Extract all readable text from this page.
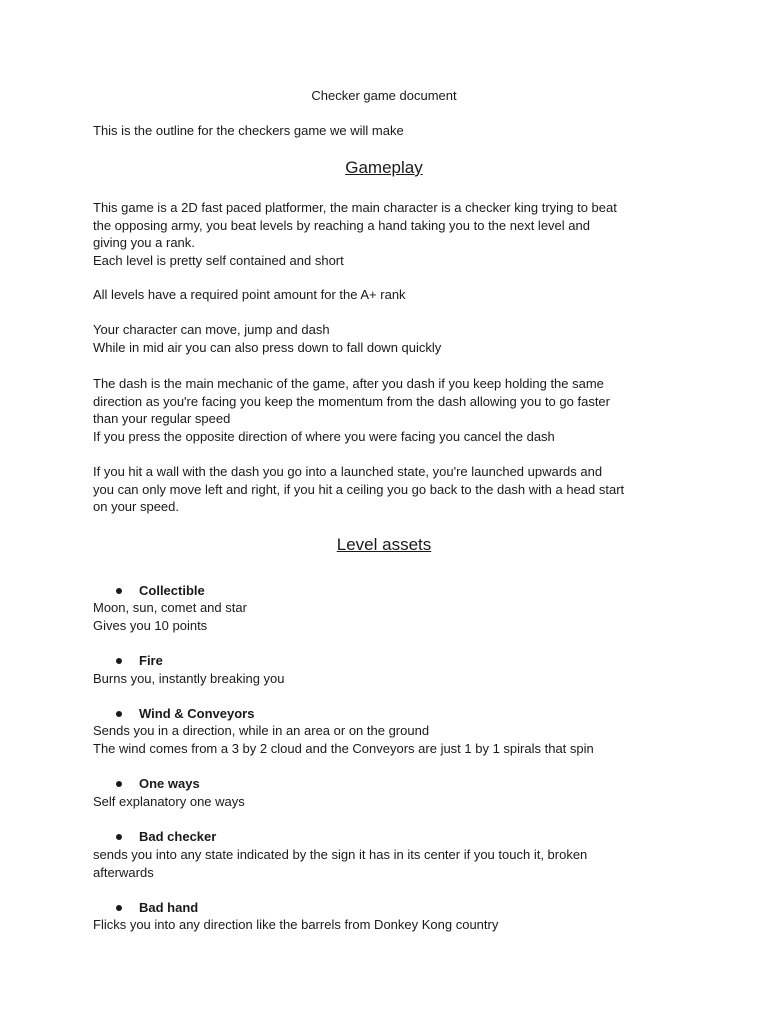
Checker game document
This is the outline for the checkers game we will make
Gameplay
This game is a 2D fast paced platformer, the main character is a checker king trying to beat
the opposing army, you beat levels by reaching a hand taking you to the next level and
giving you a rank.
Each level is pretty self contained and short
All levels have a required point amount for the A+ rank
Your character can move, jump and dash
While in mid air you can also press down to fall down quickly
The dash is the main mechanic of the game, after you dash if you keep holding the same
direction as you're facing you keep the momentum from the dash allowing you to go faster
than your regular speed
If you press the opposite direction of where you were facing you cancel the dash
If you hit a wall with the dash you go into a launched state, you're launched upwards and
you can only move left and right, if you hit a ceiling you go back to the dash with a head start
on your speed.
Level assets
Collectible
Moon, sun, comet and star
Gives you 10 points
Fire
Burns you, instantly breaking you
Wind & Conveyors
Sends you in a direction, while in an area or on the ground
The wind comes from a 3 by 2 cloud and the Conveyors are just 1 by 1 spirals that spin
One ways
Self explanatory one ways
Bad checker
sends you into any state indicated by the sign it has in its center if you touch it, broken
afterwards
Bad hand
Flicks you into any direction like the barrels from Donkey Kong country
